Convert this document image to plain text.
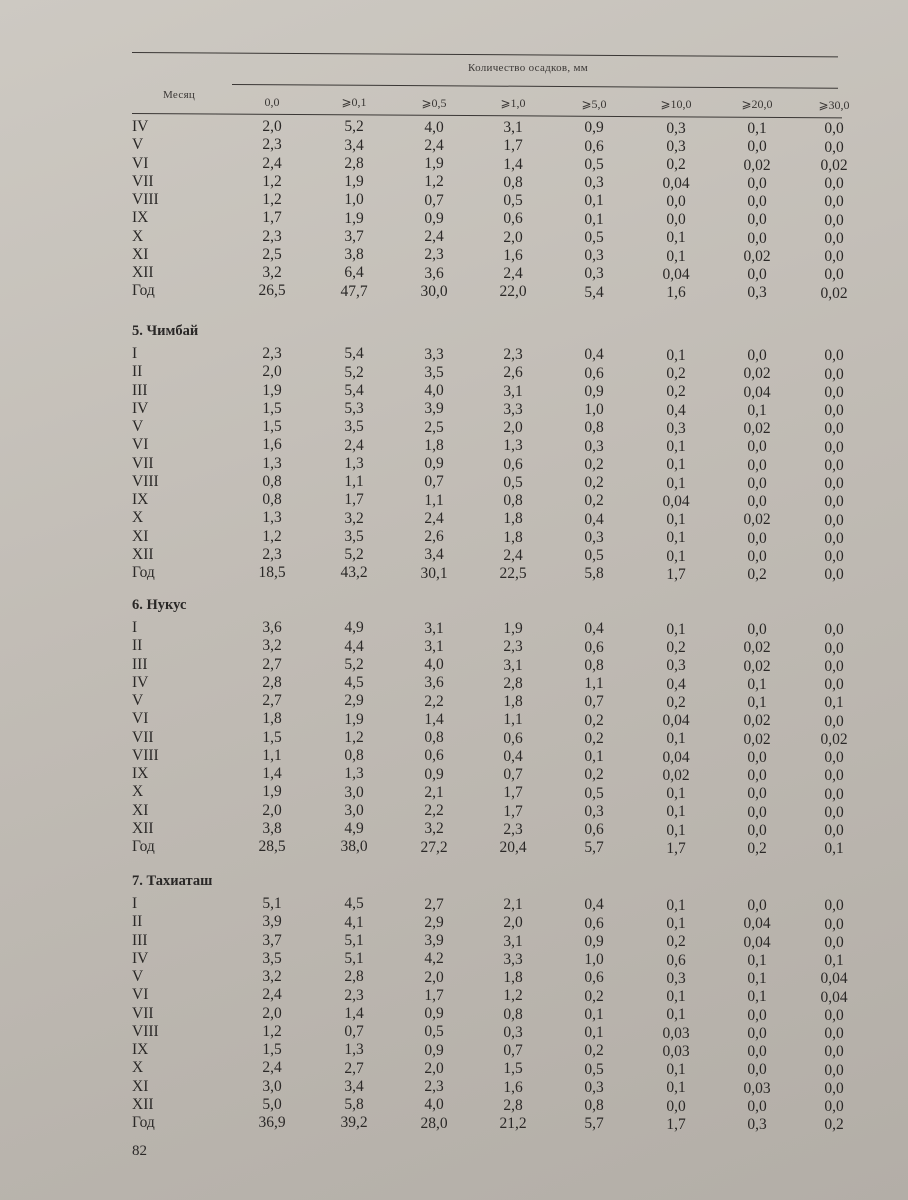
Месяц
Количество осадков, мм
0,0	⩾0,1	⩾0,5	⩾1,0	⩾5,0	⩾10,0	⩾20,0	⩾30,0
IV	2,0	5,2	4,0	3,1	0,9	0,3	0,1	0,0
V	2,3	3,4	2,4	1,7	0,6	0,3	0,0	0,0
VI	2,4	2,8	1,9	1,4	0,5	0,2	0,02	0,02
VII	1,2	1,9	1,2	0,8	0,3	0,04	0,0	0,0
VIII	1,2	1,0	0,7	0,5	0,1	0,0	0,0	0,0
IX	1,7	1,9	0,9	0,6	0,1	0,0	0,0	0,0
X	2,3	3,7	2,4	2,0	0,5	0,1	0,0	0,0
XI	2,5	3,8	2,3	1,6	0,3	0,1	0,02	0,0
XII	3,2	6,4	3,6	2,4	0,3	0,04	0,0	0,0
Год	26,5	47,7	30,0	22,0	5,4	1,6	0,3	0,02
5. Чимбай
I	2,3	5,4	3,3	2,3	0,4	0,1	0,0	0,0
II	2,0	5,2	3,5	2,6	0,6	0,2	0,02	0,0
III	1,9	5,4	4,0	3,1	0,9	0,2	0,04	0,0
IV	1,5	5,3	3,9	3,3	1,0	0,4	0,1	0,0
V	1,5	3,5	2,5	2,0	0,8	0,3	0,02	0,0
VI	1,6	2,4	1,8	1,3	0,3	0,1	0,0	0,0
VII	1,3	1,3	0,9	0,6	0,2	0,1	0,0	0,0
VIII	0,8	1,1	0,7	0,5	0,2	0,1	0,0	0,0
IX	0,8	1,7	1,1	0,8	0,2	0,04	0,0	0,0
X	1,3	3,2	2,4	1,8	0,4	0,1	0,02	0,0
XI	1,2	3,5	2,6	1,8	0,3	0,1	0,0	0,0
XII	2,3	5,2	3,4	2,4	0,5	0,1	0,0	0,0
Год	18,5	43,2	30,1	22,5	5,8	1,7	0,2	0,0
6. Нукус
I	3,6	4,9	3,1	1,9	0,4	0,1	0,0	0,0
II	3,2	4,4	3,1	2,3	0,6	0,2	0,02	0,0
III	2,7	5,2	4,0	3,1	0,8	0,3	0,02	0,0
IV	2,8	4,5	3,6	2,8	1,1	0,4	0,1	0,0
V	2,7	2,9	2,2	1,8	0,7	0,2	0,1	0,1
VI	1,8	1,9	1,4	1,1	0,2	0,04	0,02	0,0
VII	1,5	1,2	0,8	0,6	0,2	0,1	0,02	0,02
VIII	1,1	0,8	0,6	0,4	0,1	0,04	0,0	0,0
IX	1,4	1,3	0,9	0,7	0,2	0,02	0,0	0,0
X	1,9	3,0	2,1	1,7	0,5	0,1	0,0	0,0
XI	2,0	3,0	2,2	1,7	0,3	0,1	0,0	0,0
XII	3,8	4,9	3,2	2,3	0,6	0,1	0,0	0,0
Год	28,5	38,0	27,2	20,4	5,7	1,7	0,2	0,1
7. Тахиаташ
I	5,1	4,5	2,7	2,1	0,4	0,1	0,0	0,0
II	3,9	4,1	2,9	2,0	0,6	0,1	0,04	0,0
III	3,7	5,1	3,9	3,1	0,9	0,2	0,04	0,0
IV	3,5	5,1	4,2	3,3	1,0	0,6	0,1	0,1
V	3,2	2,8	2,0	1,8	0,6	0,3	0,1	0,04
VI	2,4	2,3	1,7	1,2	0,2	0,1	0,1	0,04
VII	2,0	1,4	0,9	0,8	0,1	0,1	0,0	0,0
VIII	1,2	0,7	0,5	0,3	0,1	0,03	0,0	0,0
IX	1,5	1,3	0,9	0,7	0,2	0,03	0,0	0,0
X	2,4	2,7	2,0	1,5	0,5	0,1	0,0	0,0
XI	3,0	3,4	2,3	1,6	0,3	0,1	0,03	0,0
XII	5,0	5,8	4,0	2,8	0,8	0,0	0,0	0,0
Год	36,9	39,2	28,0	21,2	5,7	1,7	0,3	0,2
82
